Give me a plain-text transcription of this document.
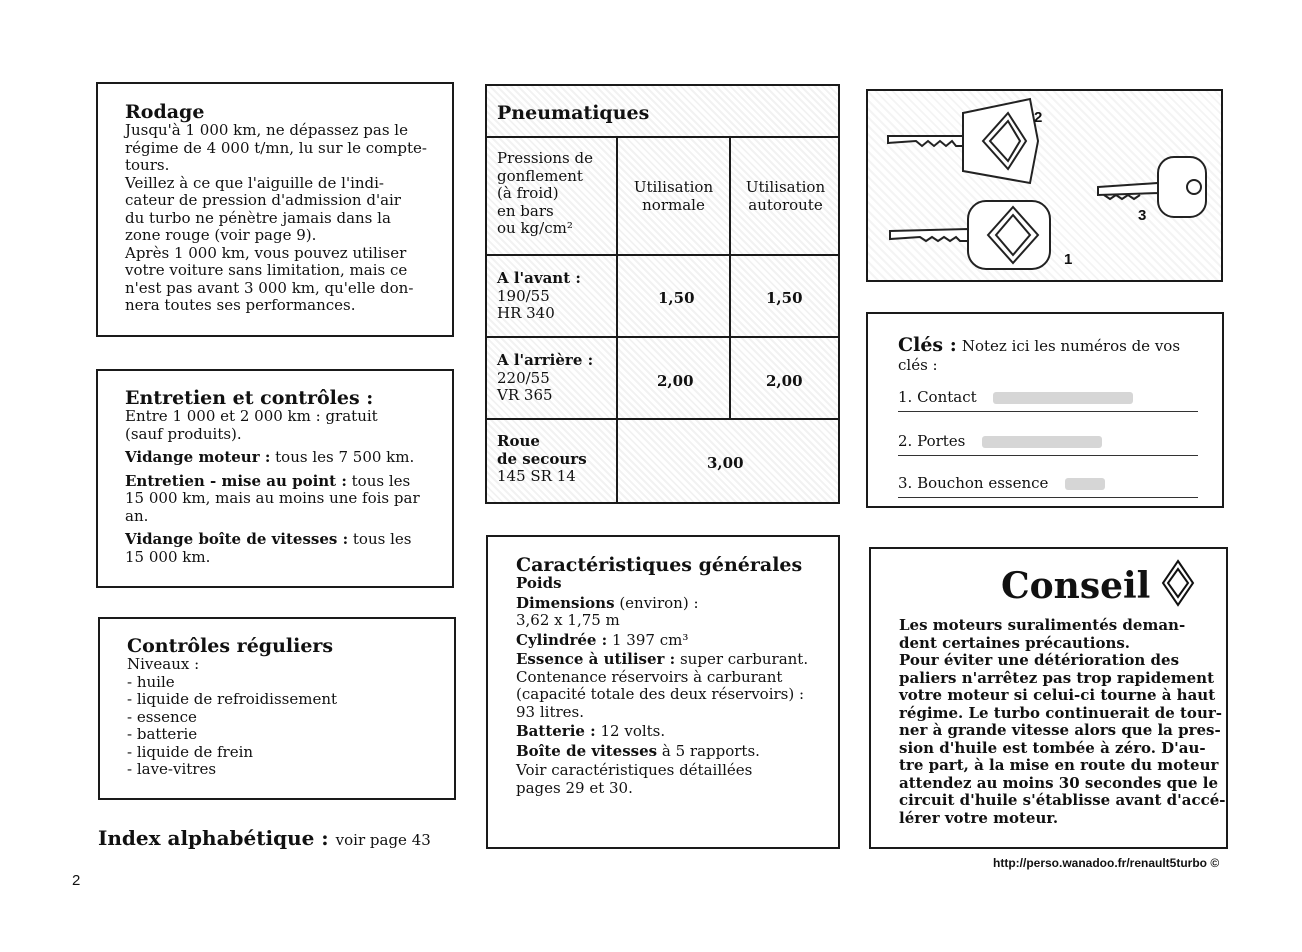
Rodage
Jusqu'à 1 000 km, ne dépassez pas le
régime de 4 000 t/mn, lu sur le compte-
tours.
Veillez à ce que l'aiguille de l'indi-
cateur de pression d'admission d'air
du turbo ne pénètre jamais dans la
zone rouge (voir page 9).
Après 1 000 km, vous pouvez utiliser
votre voiture sans limitation, mais ce
n'est pas avant 3 000 km, qu'elle don-
nera toutes ses performances.
Entretien et contrôles :

Entre 1 000 et 2 000 km : gratuit
(sauf produits).

Vidange moteur : tous les 7 500 km.

Entretien - mise au point : tous les
15 000 km, mais au moins une fois par
an.

Vidange boîte de vitesses : tous les
15 000 km.

Contrôles réguliers
Niveaux :
- huile
- liquide de refroidissement
- essence
- batterie
- liquide de frein
- lave-vitres
Index alphabétique : voir page 43
2
Pneumatiques
Pressions de
gonflement
(à froid)
en bars
ou kg/cm²
Utilisation
normale
Utilisation
autoroute
A l'avant :
190/55
HR 340
1,50	1,50
A l'arrière :
220/55
VR 365
2,00	2,00
Roue
de secours
145 SR 14
3,00
Caractéristiques générales
Poids
Dimensions (environ) :
3,62 x 1,75 m
Cylindrée : 1 397 cm³
Essence à utiliser : super carburant.
Contenance réservoirs à carburant
(capacité totale des deux réservoirs) :
93 litres.
Batterie : 12 volts.
Boîte de vitesses à 5 rapports.
Voir caractéristiques détaillées
pages 29 et 30.
2
3
1
Clés : Notez ici les numéros de vos
clés :
1. Contact
2. Portes
3. Bouchon essence
Conseil
Les moteurs suralimentés deman-
dent certaines précautions.
Pour éviter une détérioration des
paliers n'arrêtez pas trop rapidement
votre moteur si celui-ci tourne à haut
régime. Le turbo continuerait de tour-
ner à grande vitesse alors que la pres-
sion d'huile est tombée à zéro. D'au-
tre part, à la mise en route du moteur
attendez au moins 30 secondes que le
circuit d'huile s'établisse avant d'accé-
lérer votre moteur.
http://perso.wanadoo.fr/renault5turbo ©
